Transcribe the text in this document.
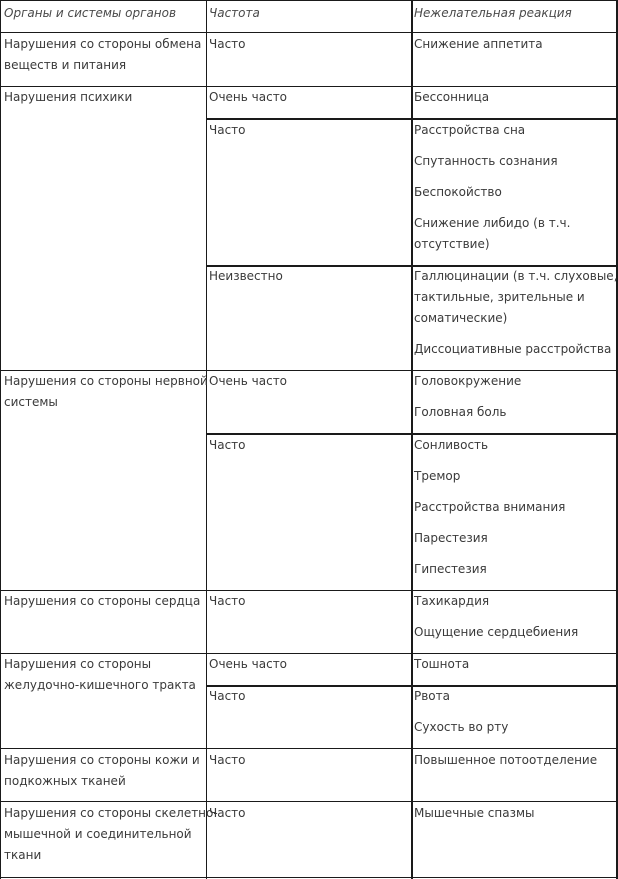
Органы и системы органов	Частота	Нежелательная реакция
Нарушения со стороны обмена
веществ и питания
Нарушения психики
Нарушения со стороны нервной
системы
Нарушения со стороны сердца
Нарушения со стороны
желудочно-кишечного тракта
Нарушения со стороны кожи и
подкожных тканей
Нарушения со стороны скелетно-
мышечной и соединительной
ткани
Часто
Очень часто
Часто
Неизвестно
Очень часто
Часто
Часто
Очень часто
Часто
Часто
Часто
Снижение аппетита
Бессонница
Расстройства сна
Спутанность сознания
Беспокойство
Снижение либидо (в т.ч.
отсутствие)
Галлюцинации (в т.ч. слуховые,
тактильные, зрительные и
соматические)
Диссоциативные расстройства
Головокружение
Головная боль
Сонливость
Тремор
Расстройства внимания
Парестезия
Гипестезия
Тахикардия
Ощущение сердцебиения
Тошнота
Рвота
Сухость во рту
Повышенное потоотделение
Мышечные спазмы
